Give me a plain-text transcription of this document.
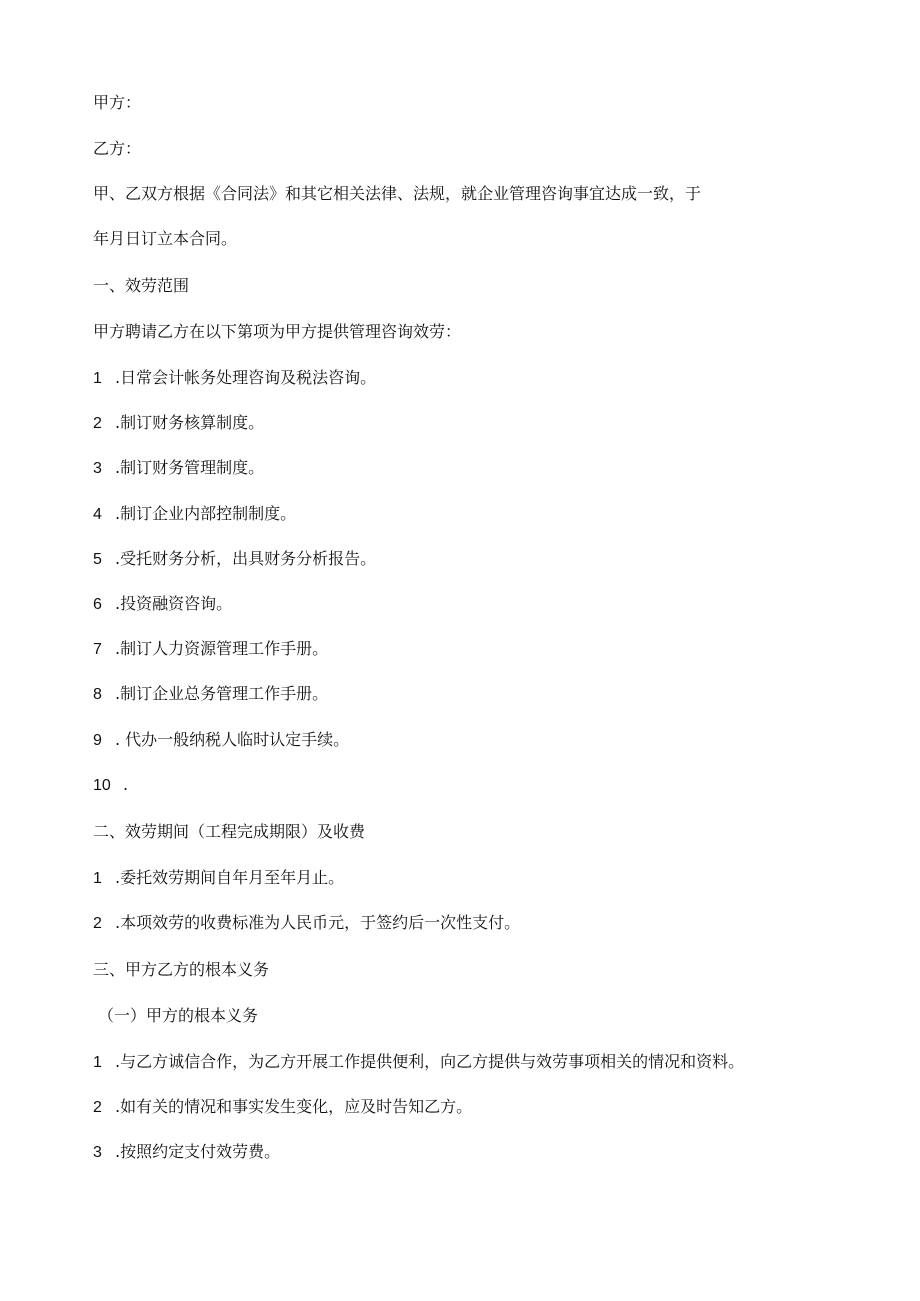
甲方：
乙方：
甲、乙双方根据《合同法》和其它相关法律、法规，就企业管理咨询事宜达成一致，于
年月日订立本合同。
一、效劳范围
甲方聘请乙方在以下第项为甲方提供管理咨询效劳：
1 .日常会计帐务处理咨询及税法咨询。
2 .制订财务核算制度。
3 .制订财务管理制度。
4 .制订企业内部控制制度。
5 .受托财务分析，出具财务分析报告。
6 .投资融资咨询。
7 .制订人力资源管理工作手册。
8 .制订企业总务管理工作手册。
9 . 代办一般纳税人临时认定手续。
10 .
二、效劳期间（工程完成期限）及收费
1 .委托效劳期间自年月至年月止。
2 .本项效劳的收费标准为人民币元，于签约后一次性支付。
三、甲方乙方的根本义务
（一）甲方的根本义务
1 .与乙方诚信合作，为乙方开展工作提供便利，向乙方提供与效劳事项相关的情况和资料。
2 .如有关的情况和事实发生变化，应及时告知乙方。
3 .按照约定支付效劳费。
